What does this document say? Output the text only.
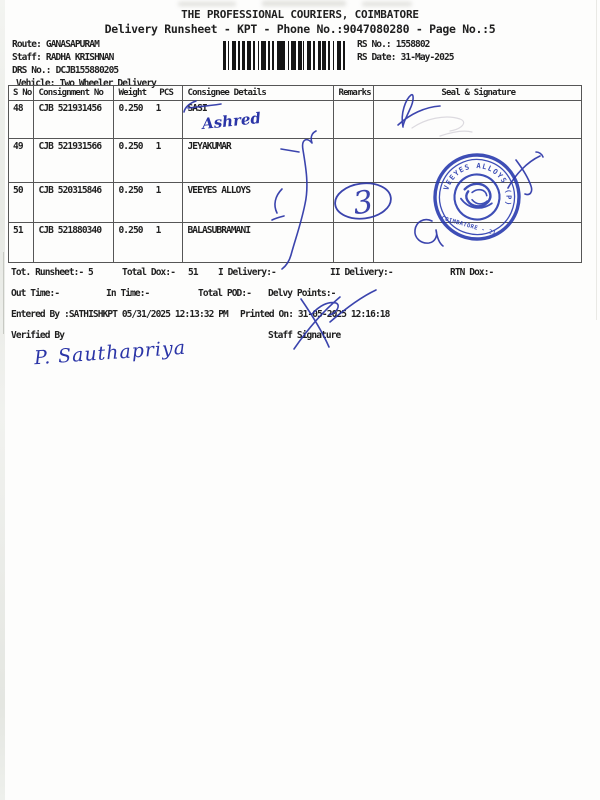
THE PROFESSIONAL COURIERS, COIMBATORE
Delivery Runsheet - KPT - Phone No.:9047080280 - Page No.:5
Route: GANASAPURAM
Staff: RADHA KRISHNAN
DRS No.: DCJB155880205
Vehicle: Two Wheeler Delivery
RS No.: 1558802
RS Date: 31-May-2025
S No	Consignment No	Weight PCS	Consignee Details	Remarks	Seal & Signature
48	CJB 521931456	0.250 1	SASI		
49	CJB 521931566	0.250 1	JEYAKUMAR		
50	CJB 520315846	0.250 1	VEEYES ALLOYS		
51	CJB 521880340	0.250 1	BALASUBRAMANI		
Tot. Runsheet:- 5	Total Dox:- 51 I Delivery:-	II Delivery:-	RTN Dox:-
Out Time:-	In Time:-	Total POD:- Delvy Points:-
Entered By :SATHISHKPT 05/31/2025 12:13:32 PM Printed On: 31-05-2025 12:16:18
Verified By	Staff Signature
Ashred
P. Sauthapriya
VEEYES ALLOYS (P) LTD
COIMBATORE - 21
3
